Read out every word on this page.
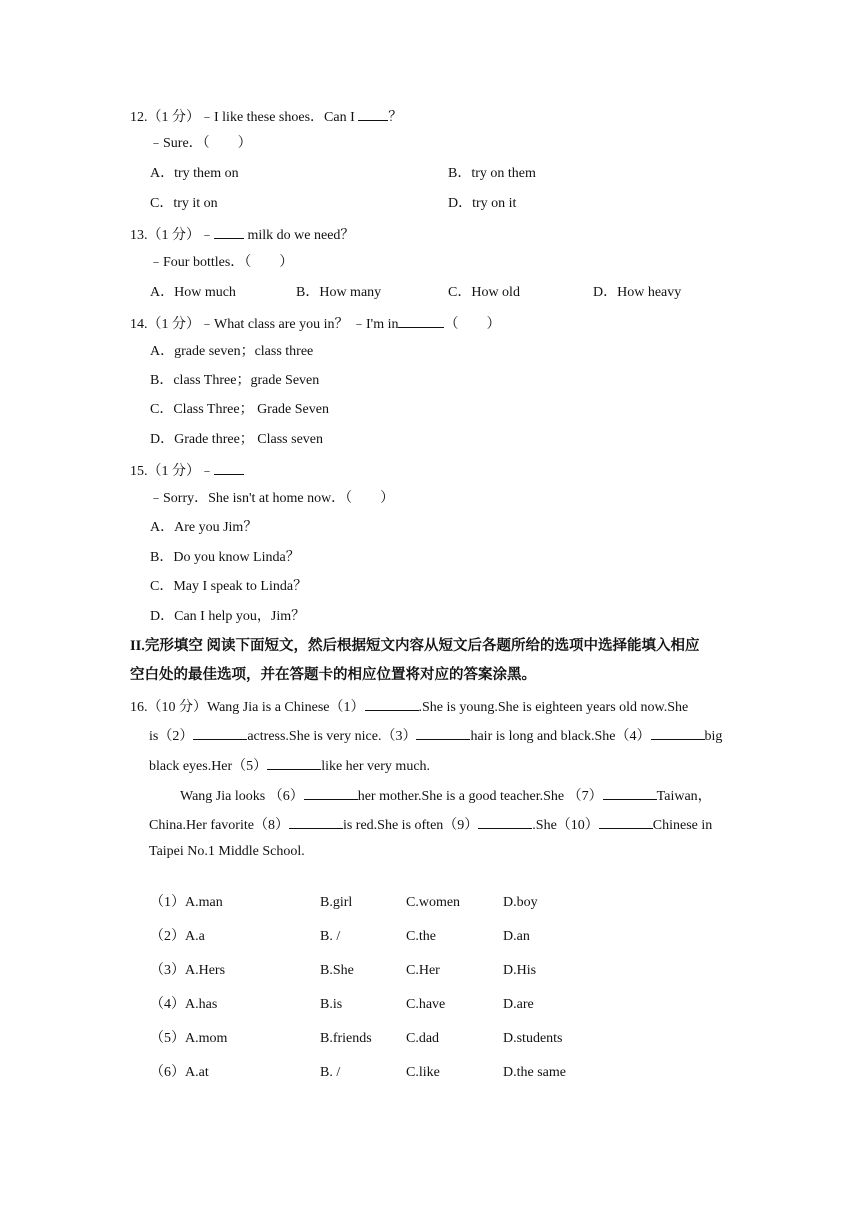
12.（1 分）﹣I like these shoes．Can I ？
﹣Sure．（　　）
A．try them on	B．try on them
C．try it on	D．try on it
13.（1 分）﹣ milk do we need？
﹣Four bottles．（　　）
A．How much	B．How many	C．How old	D．How heavy
14.（1 分）﹣What class are you in？ ﹣I'm in	（　　）
A．grade seven；class three
B．class Three；grade Seven
C．Class Three； Grade Seven
D．Grade three； Class seven
15.（1 分）﹣
﹣Sorry．She isn't at home now．（　　）
A．Are you Jim？
B．Do you know Linda？
C．May I speak to Linda？
D．Can I help you，Jim？
II.完形填空 阅读下面短文，然后根据短文内容从短文后各题所给的选项中选择能填入相应
空白处的最佳选项，并在答题卡的相应位置将对应的答案涂黑。
16.（10 分）Wang Jia is a Chinese（1）	.She is young.She is eighteen years old now.She
is（2）	actress.She is very nice.（3）	hair is long and black.She（4）	big
black eyes.Her（5）	like her very much.
Wang Jia looks （6）	her mother.She is a good teacher.She （7）	Taiwan，
China.Her favorite（8）	is red.She is often（9）	.She（10）	Chinese in
Taipei No.1 Middle School.
（1）A.man	B.girl	C.women	D.boy
（2）A.a	B. /	C.the	D.an
（3）A.Hers	B.She	C.Her	D.His
（4）A.has	B.is	C.have	D.are
（5）A.mom	B.friends	C.dad	D.students
（6）A.at	B. /	C.like	D.the same
